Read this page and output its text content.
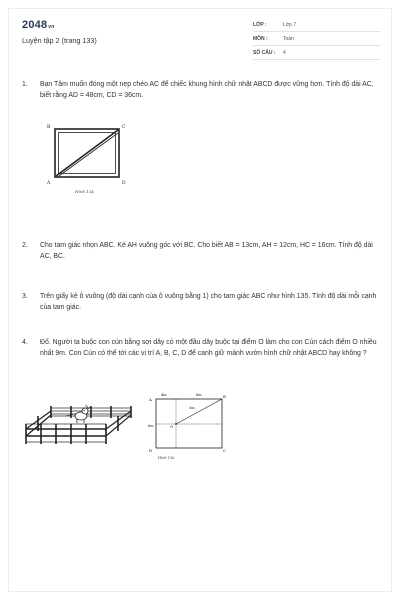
2048vn
Luyện tập 2 (trang 133)
LỚP :	Lớp 7
MÔN :	Toán
SỐ CÂU :	4
1. Bạn Tâm muốn đóng một nẹp chéo AC để chiếc khung hình chữ nhật ABCD được vững hơn. Tính độ dài AC, biết rằng AD = 48cm, CD = 36cm.
B	C
A	D
Hình 134
2. Cho tam giác nhọn ABC. Kẻ AH vuông góc với BC. Cho biết AB = 13cm, AH = 12cm, HC = 16cm. Tính độ dài AC, BC.
3. Trên giấy kẻ ô vuông (độ dài cạnh của ô vuông bằng 1) cho tam giác ABC như hình 135. Tính độ dài mỗi cạnh của tam giác.
4. Đố. Người ta buộc con cún bằng sợi dây có một đầu dây buộc tại điểm O làm cho con Cún cách điểm O nhiều nhất 9m. Con Cún có thể tới các vị trí A, B, C, D để canh giữ mảnh vườn hình chữ nhật ABCD hay không ?
A
B
C
D
O
4m	8m
5m
6m
Hình 136
